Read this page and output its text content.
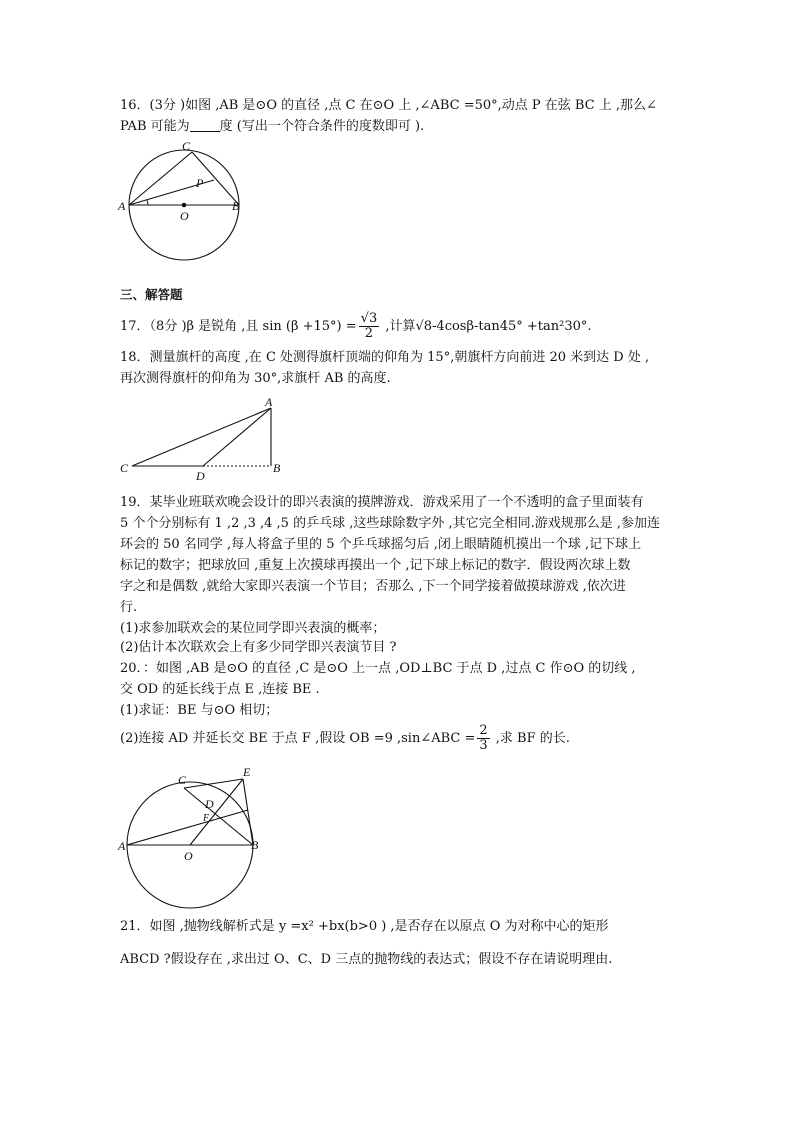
16．(3分 )如图 ,AB 是⊙O 的直径 ,点 C 在⊙O 上 ,∠ABC =50°,动点 P 在弦 BC 上 ,那么∠
PAB 可能为 度 (写出一个符合条件的度数即可 ).
C
P
A
O
B
三、解答题
17．（8分 )β 是锐角 ,且 $\sin (\beta +15^\circ) = \frac{√3}{2}$ ,计算√8-4cosβ-tan45° +tan²30°.
18．测量旗杆的高度 ,在 C 处测得旗杆顶端的仰角为 15°,朝旗杆方向前进 20 米到达 D 处 ,
再次测得旗杆的仰角为 30°,求旗杆 AB 的高度.
A
C
D
B
19．某毕业班联欢晚会设计的即兴表演的摸牌游戏．游戏采用了一个不透明的盒子里面装有
5 个个分别标有 1 ,2 ,3 ,4 ,5 的乒乓球 ,这些球除数字外 ,其它完全相同.游戏规那么是 ,参加连
环会的 50 名同学 ,每人将盒子里的 5 个乒乓球摇匀后 ,闭上眼睛随机摸出一个球 ,记下球上
标记的数字；把球放回 ,重复上次摸球再摸出一个 ,记下球上标记的数字．假设两次球上数
字之和是偶数 ,就给大家即兴表演一个节目；否那么 ,下一个同学接着做摸球游戏 ,依次进
行.
(1)求参加联欢会的某位同学即兴表演的概率；
(2)估计本次联欢会上有多少同学即兴表演节目 ?
20．：如图 ,AB 是⊙O 的直径 ,C 是⊙O 上一点 ,OD⊥BC 于点 D ,过点 C 作⊙O 的切线 ,
交 OD 的延长线于点 E ,连接 BE .
(1)求证：BE 与⊙O 相切；
(2)连接 AD 并延长交 BE 于点 F ,假设 OB =9 ,sin∠ABC = $\frac{2}{3}$ ,求 BF 的长.
C
E
D
F
A
O
B
21．如图 ,抛物线解析式是 y =x² +bx(b>0 ) ,是否存在以原点 O 为对称中心的矩形
ABCD ?假设存在 ,求出过 O、C、D 三点的抛物线的表达式；假设不存在请说明理由.
